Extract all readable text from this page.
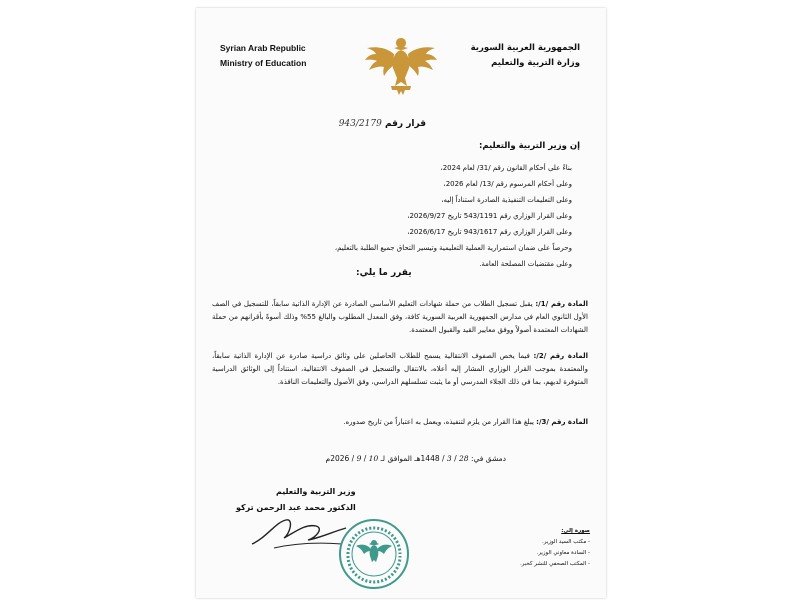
Syrian Arab Republic
Ministry of Education
الجمهورية العربية السورية
وزارة التربية والتعليم
قرار رقم 943/2179
إن وزير التربية والتعليم:
بناءً على أحكام القانون رقم /31/ لعام 2024،
وعلى أحكام المرسوم رقم /13/ لعام 2026،
وعلى التعليمات التنفيذية الصادرة استناداً إليه،
وعلى القرار الوزاري رقم 543/1191 تاريخ 2026/9/27،
وعلى القرار الوزاري رقم 943/1617 تاريخ 2026/6/17،
وحرصاً على ضمان استمرارية العملية التعليمية وتيسير التحاق جميع الطلبة بالتعليم،
وعلى مقتضيات المصلحة العامة.
يقرر ما يلي:
المادة رقم /1/: يقبل تسجيل الطلاب من حملة شهادات التعليم الأساسي الصادرة عن الإدارة الذاتية سابقاً، للتسجيل في الصف الأول الثانوي العام في مدارس الجمهورية العربية السورية كافة، وفق المعدل المطلوب والبالغ 55% وذلك أسوةً بأقرانهم من حملة الشهادات المعتمدة أصولاً ووفق معايير القيد والقبول المعتمدة.
المادة رقم /2/: فيما يخص الصفوف الانتقالية يسمح للطلاب الحاصلين على وثائق دراسية صادرة عن الإدارة الذاتية سابقاً، والمعتمدة بموجب القرار الوزاري المشار إليه أعلاه، بالانتقال والتسجيل في الصفوف الانتقالية، استناداً إلى الوثائق الدراسية المتوفرة لديهم، بما في ذلك الجلاء المدرسي أو ما يثبت تسلسلهم الدراسي، وفق الأصول والتعليمات النافذة.
المادة رقم /3/: يبلغ هذا القرار من يلزم لتنفيذه، ويعمل به اعتباراً من تاريخ صدوره.
دمشق في: 28 / 3 / 1448هـ الموافق لـ 10 / 9 / 2026م
وزير التربية والتعليم
الدكتور محمد عبد الرحمن تركو
صورة إلى:
- مكتب السيد الوزير.
- السادة معاوني الوزير.
- المكتب الصحفي للنشر كخبر.
